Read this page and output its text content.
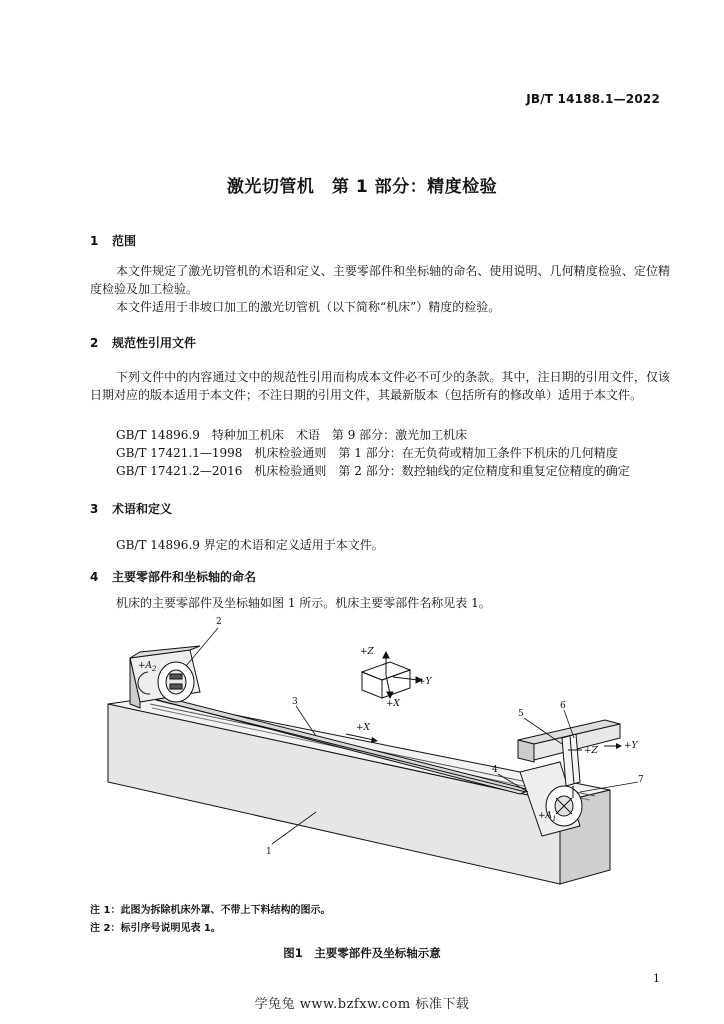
JB/T 14188.1—2022
激光切管机　第 1 部分：精度检验
1 范围
本文件规定了激光切管机的术语和定义、主要零部件和坐标轴的命名、使用说明、几何精度检验、定位精度检验及加工检验。
本文件适用于非坡口加工的激光切管机（以下简称“机床”）精度的检验。
2 规范性引用文件
下列文件中的内容通过文中的规范性引用而构成本文件必不可少的条款。其中，注日期的引用文件，仅该日期对应的版本适用于本文件；不注日期的引用文件，其最新版本（包括所有的修改单）适用于本文件。
GB/T 14896.9　特种加工机床　术语　第 9 部分：激光加工机床
GB/T 17421.1—1998　机床检验通则　第 1 部分：在无负荷或精加工条件下机床的几何精度
GB/T 17421.2—2016　机床检验通则　第 2 部分：数控轴线的定位精度和重复定位精度的确定
3 术语和定义
GB/T 14896.9 界定的术语和定义适用于本文件。
4 主要零部件和坐标轴的命名
机床的主要零部件及坐标轴如图 1 所示。机床主要零部件名称见表 1。
+Z
+Y
+X
$+A_2$
+X
+Z	+Y
$+A_1$
1
2
3
4
5
6
7
注 1：此图为拆除机床外罩、不带上下料结构的图示。
注 2：标引序号说明见表 1。
图1　主要零部件及坐标轴示意
1
学兔兔 www.bzfxw.com 标准下载
